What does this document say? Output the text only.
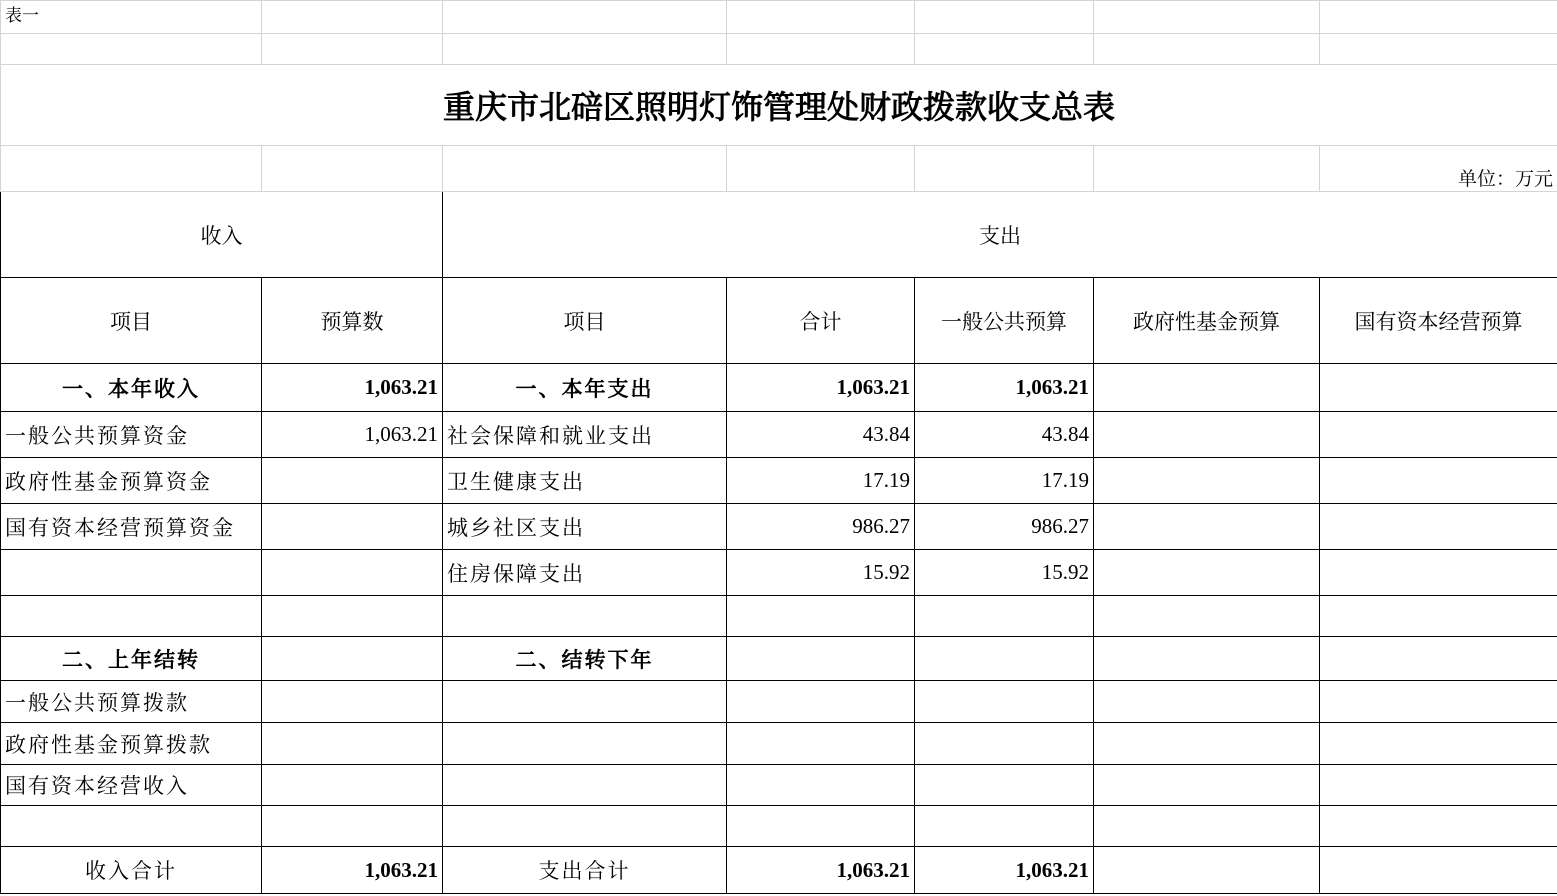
表一						

重庆市北碚区照明灯饰管理处财政拨款收支总表						
						单位：万元
收入		支出				
项目	预算数	项目	合计	一般公共预算	政府性基金预算	国有资本经营预算
一、本年收入	1,063.21	一、本年支出	1,063.21	1,063.21		
一般公共预算资金	1,063.21	社会保障和就业支出	43.84	43.84		
政府性基金预算资金		卫生健康支出	17.19	17.19		
国有资本经营预算资金		城乡社区支出	986.27	986.27		
		住房保障支出	15.92	15.92		

二、上年结转		二、结转下年				
一般公共预算拨款						
政府性基金预算拨款						
国有资本经营收入						

收入合计	1,063.21	支出合计	1,063.21	1,063.21		
